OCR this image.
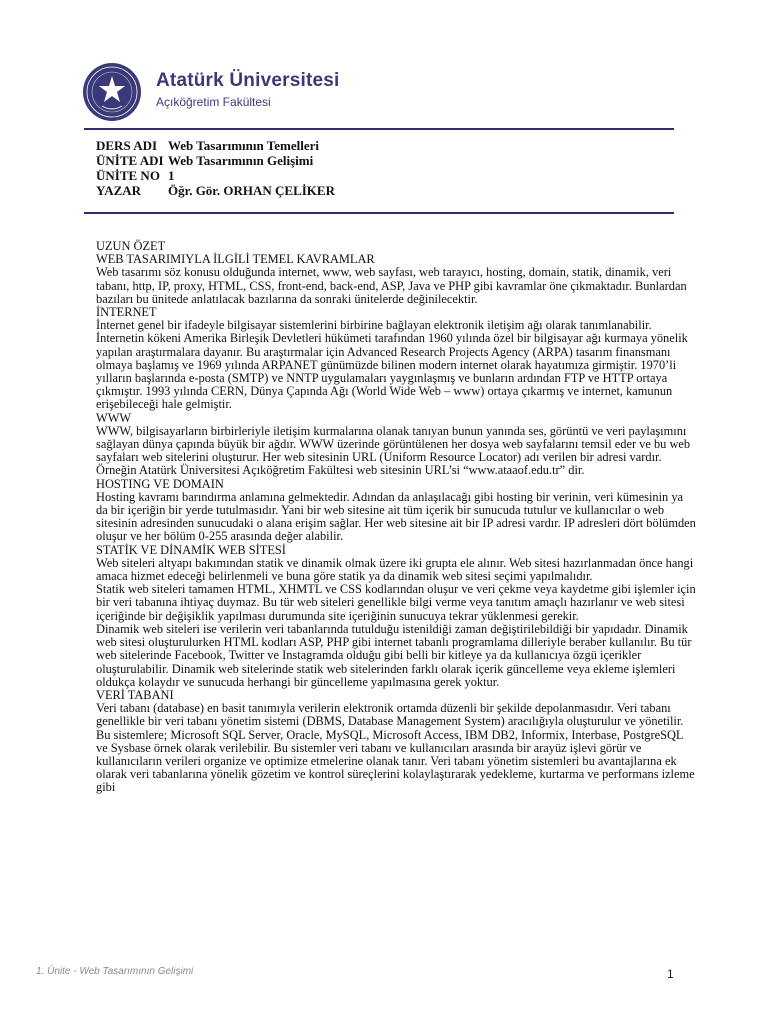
Atatürk Üniversitesi
Açıköğretim Fakültesi
DERS ADI Web Tasarımının Temelleri
ÜNİTE ADI Web Tasarımının Gelişimi
ÜNİTE NO 1
YAZAR	Öğr. Gör. ORHAN ÇELİKER

UZUN ÖZET

WEB TASARIMIYLA İLGİLİ TEMEL KAVRAMLAR

Web tasarımı söz konusu olduğunda internet, www, web sayfası, web tarayıcı, hosting, domain, statik, dinamik, veri tabanı, http, IP, proxy, HTML, CSS, front-end, back-end, ASP, Java ve PHP gibi kavramlar öne çıkmaktadır. Bunlardan bazıları bu ünitede anlatılacak bazılarına da sonraki ünitelerde değinilecektir.

İNTERNET

İnternet genel bir ifadeyle bilgisayar sistemlerini birbirine bağlayan elektronik iletişim ağı olarak tanımlanabilir. İnternetin kökeni Amerika Birleşik Devletleri hükümeti tarafından 1960 yılında özel bir bilgisayar ağı kurmaya yönelik yapılan araştırmalara dayanır. Bu araştırmalar için Advanced Research Projects Agency (ARPA) tasarım finansmanı olmaya başlamış ve 1969 yılında ARPANET günümüzde bilinen modern internet olarak hayatımıza girmiştir. 1970’li yılların başlarında e-posta (SMTP) ve NNTP uygulamaları yaygınlaşmış ve bunların ardından FTP ve HTTP ortaya çıkmıştır. 1993 yılında CERN, Dünya Çapında Ağı (World Wide Web – www) ortaya çıkarmış ve internet, kamunun erişebileceği hale gelmiştir.

WWW

WWW, bilgisayarların birbirleriyle iletişim kurmalarına olanak tanıyan bunun yanında ses, görüntü ve veri paylaşımını sağlayan dünya çapında büyük bir ağdır. WWW üzerinde görüntülenen her dosya web sayfalarını temsil eder ve bu web sayfaları web sitelerini oluşturur. Her web sitesinin URL (Uniform Resource Locator) adı verilen bir adresi vardır. Örneğin Atatürk Üniversitesi Açıköğretim Fakültesi web sitesinin URL’si “www.ataaof.edu.tr” dir.

HOSTING VE DOMAIN

Hosting kavramı barındırma anlamına gelmektedir. Adından da anlaşılacağı gibi hosting bir verinin, veri kümesinin ya da bir içeriğin bir yerde tutulmasıdır. Yani bir web sitesine ait tüm içerik bir sunucuda tutulur ve kullanıcılar o web sitesinin adresinden sunucudaki o alana erişim sağlar. Her web sitesine ait bir IP adresi vardır. IP adresleri dört bölümden oluşur ve her bölüm 0-255 arasında değer alabilir.

STATİK VE DİNAMİK WEB SİTESİ

Web siteleri altyapı bakımından statik ve dinamik olmak üzere iki grupta ele alınır. Web sitesi hazırlanmadan önce hangi amaca hizmet edeceği belirlenmeli ve buna göre statik ya da dinamik web sitesi seçimi yapılmalıdır.

Statik web siteleri tamamen HTML, XHMTL ve CSS kodlarından oluşur ve veri çekme veya kaydetme gibi işlemler için bir veri tabanına ihtiyaç duymaz. Bu tür web siteleri genellikle bilgi verme veya tanıtım amaçlı hazırlanır ve web sitesi içeriğinde bir değişiklik yapılması durumunda site içeriğinin sunucuya tekrar yüklenmesi gerekir.

Dinamik web siteleri ise verilerin veri tabanlarında tutulduğu istenildiği zaman değiştirilebildiği bir yapıdadır. Dinamik web sitesi oluşturulurken HTML kodları ASP, PHP gibi internet tabanlı programlama dilleriyle beraber kullanılır. Bu tür web sitelerinde Facebook, Twitter ve Instagramda olduğu gibi belli bir kitleye ya da kullanıcıya özgü içerikler oluşturulabilir. Dinamik web sitelerinde statik web sitelerinden farklı olarak içerik güncelleme veya ekleme işlemleri oldukça kolaydır ve sunucuda herhangi bir güncelleme yapılmasına gerek yoktur.

VERİ TABANI

Veri tabanı (database) en basit tanımıyla verilerin elektronik ortamda düzenli bir şekilde depolanmasıdır. Veri tabanı genellikle bir veri tabanı yönetim sistemi (DBMS, Database Management System) aracılığıyla oluşturulur ve yönetilir. Bu sistemlere; Microsoft SQL Server, Oracle, MySQL, Microsoft Access, IBM DB2, Informix, Interbase, PostgreSQL ve Sysbase örnek olarak verilebilir. Bu sistemler veri tabanı ve kullanıcıları arasında bir arayüz işlevi görür ve kullanıcıların verileri organize ve optimize etmelerine olanak tanır. Veri tabanı yönetim sistemleri bu avantajlarına ek olarak veri tabanlarına yönelik gözetim ve kontrol süreçlerini kolaylaştırarak yedekleme, kurtarma ve performans izleme gibi

1. Ünite - Web Tasarımının Gelişimi	1
